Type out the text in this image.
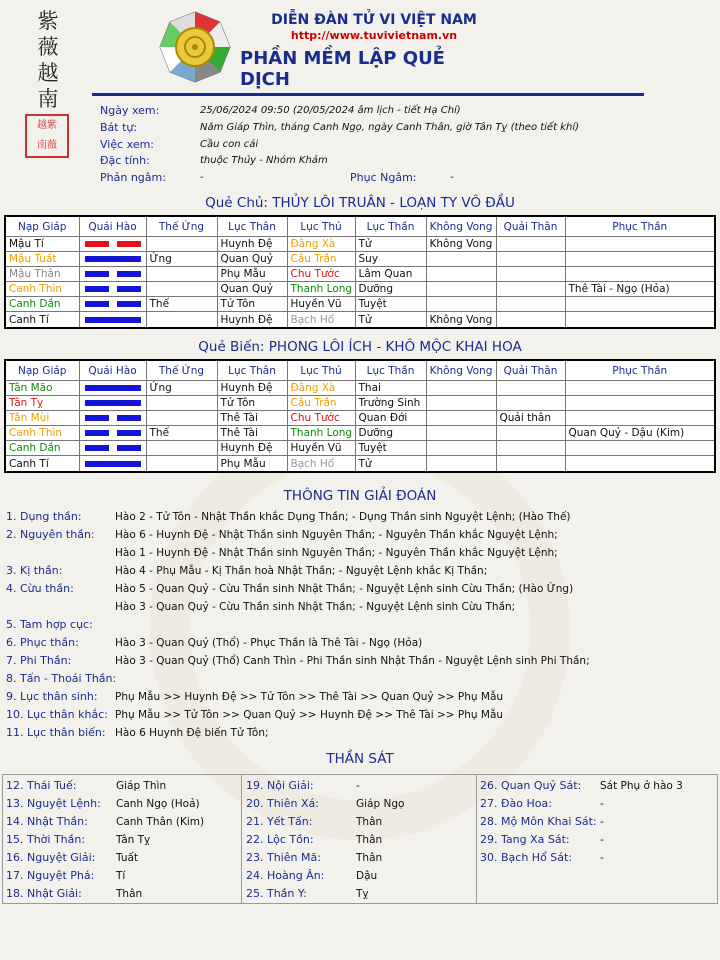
紫
薇
越
南
越紫
南薇
DIỄN ĐÀN TỬ VI VIỆT NAM
http://www.tuvivietnam.vn
PHẦN MỀM LẬP QUẺ DỊCH
Ngày xem:	25/06/2024 09:50 (20/05/2024 âm lịch - tiết Hạ Chí)
Bát tự:	Năm Giáp Thìn, tháng Canh Ngọ, ngày Canh Thân, giờ Tân Tỵ (theo tiết khí)
Việc xem:	Cầu con cái
Đặc tính:	thuộc Thủy - Nhóm Khảm
Phản ngâm:	-	Phục Ngâm:	-
Quẻ Chủ: THỦY LÔI TRUÂN - LOẠN TY VÔ ĐẦU
Nạp Giáp	Quái Hào	Thế Ứng	Lục Thân	Lục Thú	Lục Thần	Không Vong	Quải Thân	Phục Thần
Mậu Tí			Huynh Đệ	Đằng Xà	Tử	Không Vong		
Mậu Tuất		Ứng	Quan Quỷ	Câu Trần	Suy			
Mậu Thân			Phụ Mẫu	Chu Tước	Lâm Quan			
Canh Thìn			Quan Quỷ	Thanh Long	Dưỡng			Thê Tài - Ngọ (Hỏa)
Canh Dần		Thế	Tử Tôn	Huyền Vũ	Tuyệt			
Canh Tí			Huynh Đệ	Bạch Hổ	Tử	Không Vong		
Quẻ Biến: PHONG LÔI ÍCH - KHÔ MỘC KHAI HOA
Nạp Giáp	Quái Hào	Thế Ứng	Lục Thân	Lục Thú	Lục Thần	Không Vong	Quải Thân	Phục Thần
Tân Mão		Ứng	Huynh Đệ	Đằng Xà	Thai			
Tân Tỵ			Tử Tôn	Câu Trần	Trường Sinh			
Tân Mùi			Thê Tài	Chu Tước	Quan Đới		Quải thân	
Canh Thìn		Thế	Thê Tài	Thanh Long	Dưỡng			Quan Quỷ - Dậu (Kim)
Canh Dần			Huynh Đệ	Huyền Vũ	Tuyệt			
Canh Tí			Phụ Mẫu	Bạch Hổ	Tử			
THÔNG TIN GIẢI ĐOÁN
1. Dụng thần:	Hào 2 - Tử Tôn - Nhật Thần khắc Dụng Thần; - Dụng Thần sinh Nguyệt Lệnh; (Hào Thế)
2. Nguyên thần: Hào 6 - Huynh Đệ - Nhật Thần sinh Nguyên Thần; - Nguyên Thần khắc Nguyệt Lệnh;
Hào 1 - Huynh Đệ - Nhật Thần sinh Nguyên Thần; - Nguyên Thần khắc Nguyệt Lệnh;
3. Kị thần:	Hào 4 - Phụ Mẫu - Kị Thần hoà Nhật Thần; - Nguyệt Lệnh khắc Kị Thần;
4. Cừu thần:	Hào 5 - Quan Quỷ - Cừu Thần sinh Nhật Thần; - Nguyệt Lệnh sinh Cừu Thần; (Hào Ứng)
Hào 3 - Quan Quỷ - Cừu Thần sinh Nhật Thần; - Nguyệt Lệnh sinh Cừu Thần;
5. Tam hợp cục:
6. Phục thần:	Hào 3 - Quan Quỷ (Thổ) - Phục Thần là Thê Tài - Ngọ (Hỏa)
7. Phi Thần:	Hào 3 - Quan Quỷ (Thổ) Canh Thìn - Phi Thần sinh Nhật Thần - Nguyệt Lệnh sinh Phi Thần;
8. Tấn - Thoái Thần:
9. Lục thân sinh: Phụ Mẫu >> Huynh Đệ >> Tử Tôn >> Thê Tài >> Quan Quỷ >> Phụ Mẫu
10. Lục thân khắc: Phụ Mẫu >> Tử Tôn >> Quan Quỷ >> Huynh Đệ >> Thê Tài >> Phụ Mẫu
11. Lục thân biến: Hào 6 Huynh Đệ biến Tử Tôn;
THẦN SÁT
12. Thái Tuế:	Giáp Thìn
13. Nguyệt Lệnh: Canh Ngọ (Hoả)
14. Nhật Thần:	Canh Thân (Kim)
15. Thời Thần:	Tân Tỵ
16. Nguyệt Giải: Tuất
17. Nguyệt Phá: Tí
18. Nhật Giải:	Thân
19. Nội Giải:	-
20. Thiên Xá:	Giáp Ngọ
21. Yết Tấn:	Thân
22. Lộc Tồn:	Thân
23. Thiên Mã:	Thân
24. Hoàng Ân:	Dậu
25. Thần Y:	Tỵ
26. Quan Quỷ Sát: Sát Phụ ở hào 3
27. Đào Hoa:	-
28. Mộ Môn Khai Sát: -
29. Tang Xa Sát:	-
30. Bạch Hổ Sát:	-
